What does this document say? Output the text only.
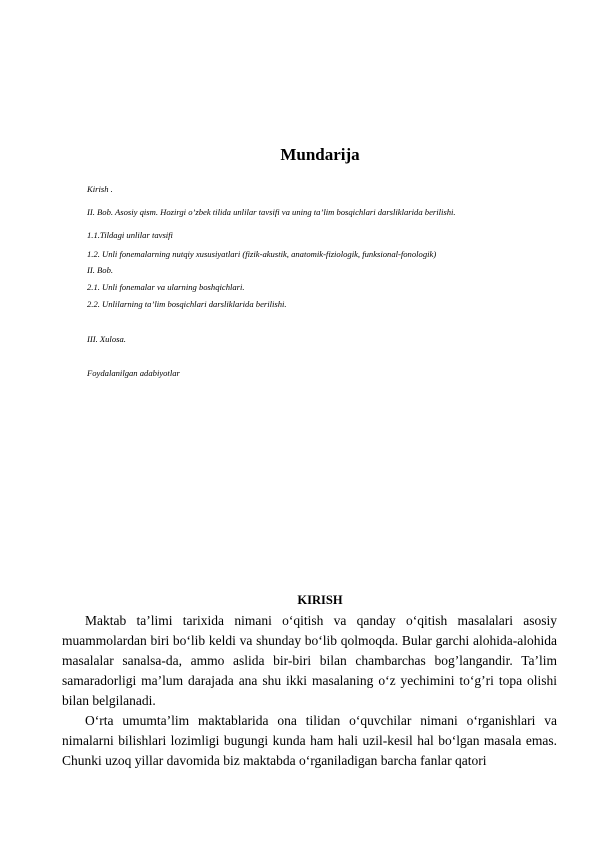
Mundarija
Kirish .
II. Bob. Asosiy qism. Hozirgi o’zbek tilida unlilar tavsifi va uning ta’lim bosqichlari darsliklarida berilishi.
1.1.Tildagi unlilar tavsifi
1.2. Unli fonemalarning nutqiy xususiyatlari (fizik-akustik, anatomik-fiziologik, funksional-fonologik)
II. Bob.
2.1. Unli fonemalar va ularning boshqichlari.
2.2. Unlilarning ta’lim bosqichlari darsliklarida berilishi.
III. Xulosa.
Foydalanilgan adabiyotlar
KIRISH

Maktab ta’limi tarixida nimani o‘qitish va qanday o‘qitish masalalari asosiy muammolardan biri bo‘lib keldi va shunday bo‘lib qolmoqda. Bular garchi alohida-alohida masalalar sanalsa-da, ammo aslida bir-biri bilan chambarchas bog’langandir. Ta’lim samaradorligi ma’lum darajada ana shu ikki masalaning o‘z yechimini to‘g’ri topa olishi bilan belgilanadi.

O‘rta umumta’lim maktablarida ona tilidan o‘quvchilar nimani o‘rganishlari va nimalarni bilishlari lozimligi bugungi kunda ham hali uzil-kesil hal bo‘lgan masala emas. Chunki uzoq yillar davomida biz maktabda o‘rganiladigan barcha fanlar qatori
